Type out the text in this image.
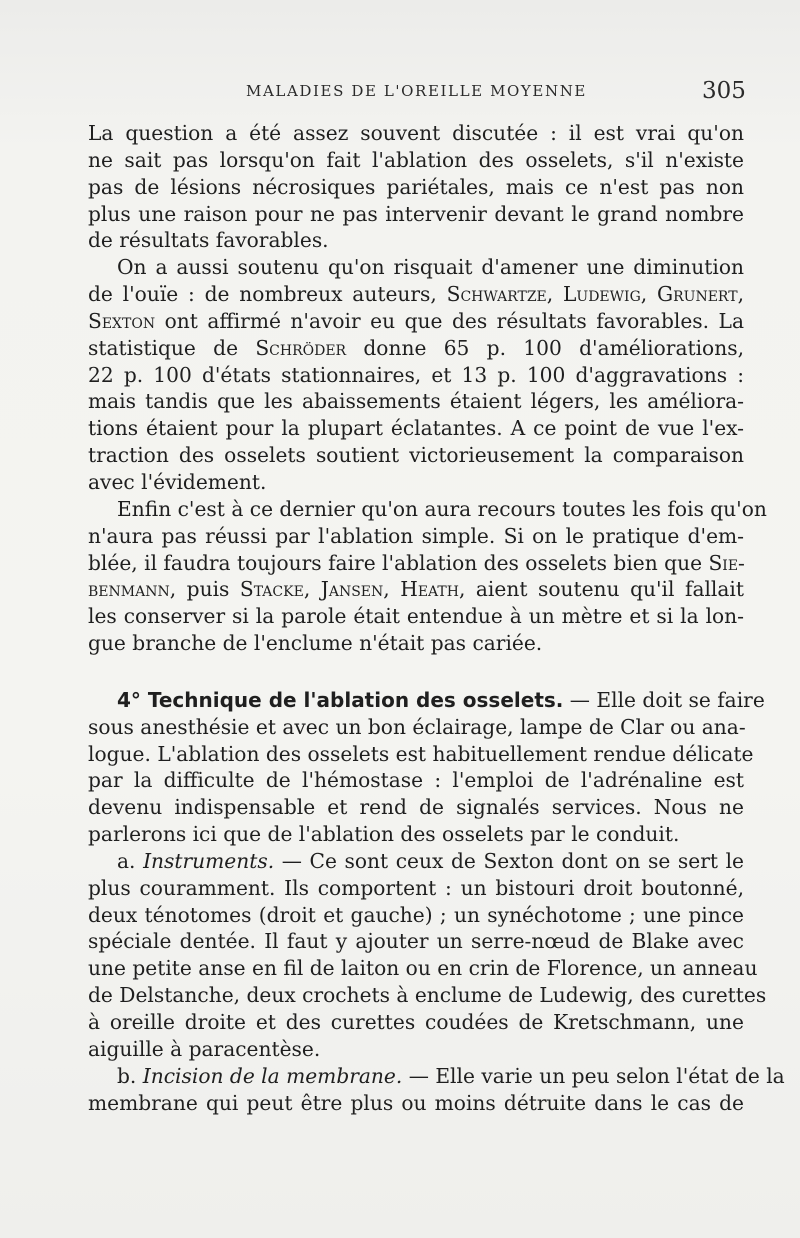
MALADIES DE L'OREILLE MOYENNE	305
La question a été assez souvent discutée : il est vrai qu'on
ne sait pas lorsqu'on fait l'ablation des osselets, s'il n'existe
pas de lésions nécrosiques pariétales, mais ce n'est pas non
plus une raison pour ne pas intervenir devant le grand nombre
de résultats favorables.
On a aussi soutenu qu'on risquait d'amener une diminution
de l'ouïe : de nombreux auteurs, Schwartze, Ludewig, Grunert,
Sexton ont affirmé n'avoir eu que des résultats favorables. La
statistique de Schröder donne 65 p. 100 d'améliorations,
22 p. 100 d'états stationnaires, et 13 p. 100 d'aggravations :
mais tandis que les abaissements étaient légers, les améliora-
tions étaient pour la plupart éclatantes. A ce point de vue l'ex-
traction des osselets soutient victorieusement la comparaison
avec l'évidement.
Enfin c'est à ce dernier qu'on aura recours toutes les fois qu'on
n'aura pas réussi par l'ablation simple. Si on le pratique d'em-
blée, il faudra toujours faire l'ablation des osselets bien que Sie-
benmann, puis Stacke, Jansen, Heath, aient soutenu qu'il fallait
les conserver si la parole était entendue à un mètre et si la lon-
gue branche de l'enclume n'était pas cariée.
4° Technique de l'ablation des osselets. — Elle doit se faire
sous anesthésie et avec un bon éclairage, lampe de Clar ou ana-
logue. L'ablation des osselets est habituellement rendue délicate
par la difficulte de l'hémostase : l'emploi de l'adrénaline est
devenu indispensable et rend de signalés services. Nous ne
parlerons ici que de l'ablation des osselets par le conduit.
a. Instruments. — Ce sont ceux de Sexton dont on se sert le
plus couramment. Ils comportent : un bistouri droit boutonné,
deux ténotomes (droit et gauche) ; un synéchotome ; une pince
spéciale dentée. Il faut y ajouter un serre-nœud de Blake avec
une petite anse en fil de laiton ou en crin de Florence, un anneau
de Delstanche, deux crochets à enclume de Ludewig, des curettes
à oreille droite et des curettes coudées de Kretschmann, une
aiguille à paracentèse.
b. Incision de la membrane. — Elle varie un peu selon l'état de la
membrane qui peut être plus ou moins détruite dans le cas de
